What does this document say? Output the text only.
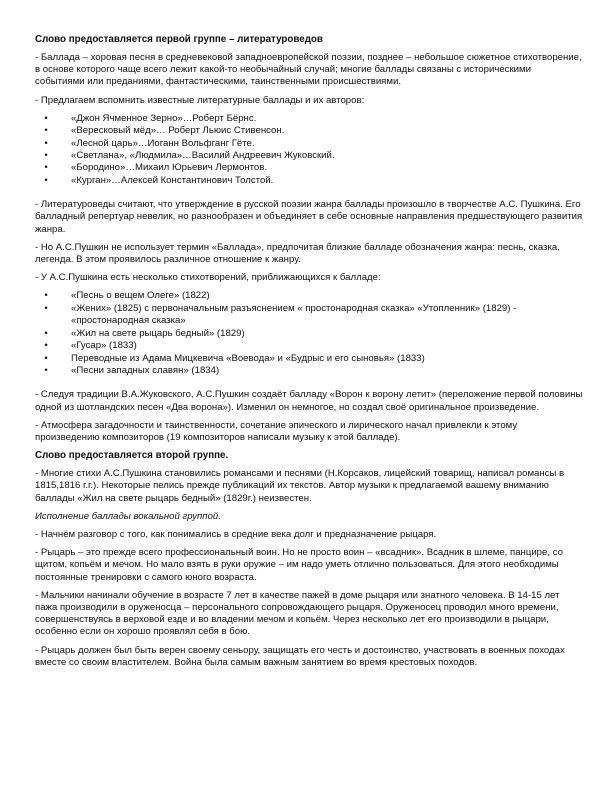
Слово предоставляется первой группе – литературоведов

- Баллада – хоровая песня в средневековой западноевропейской поэзии, позднее – небольшое сюжетное стихотворение, в основе которого чаще всего лежит какой-то необычайный случай; многие баллады связаны с историческими событиями или преданиями, фантастическими, таинственными происшествиями.

- Предлагаем вспомнить известные литературные баллады и их авторов:

•	«Джон Ячменное Зерно»…Роберт Бёрнс.
•	«Вересковый мёд»… Роберт Льюис Стивенсон.
•	«Лесной царь»…Иоганн Вольфганг Гёте.
•	«Светлана», «Людмила»…Василий Андреевич Жуковский.
•	«Бородино»…Михаил Юрьевич Лермонтов.
•	«Курган»…Алексей Константинович Толстой.

- Литературоведы считают, что утверждение в русской поэзии жанра баллады произошло в творчестве А.С. Пушкина. Его балладный репертуар невелик, но разнообразен и объединяет в себе основные направления предшествующего развития жанра.

- Но А.С.Пушкин не использует термин «Баллада», предпочитая близкие балладе обозначения жанра: песнь, сказка, легенда. В этом проявилось различное отношение к жанру.

- У А.С.Пушкина есть несколько стихотворений, приближающихся к балладе:

•	«Песнь о вещем Олеге» (1822)
•	«Жених» (1825) с первоначальным разъяснением « простонародная сказка» «Утопленник» (1829) - «простонародная сказка»
•	«Жил на свете рыцарь бедный» (1829)
•	«Гусар» (1833)
•	Переводные из Адама Мицкевича «Воевода» и «Будрыс и его сыновья» (1833)
•	«Песни западных славян» (1834)

- Следуя традиции В.А.Жуковского, А.С.Пушкин создаёт балладу «Ворон к ворону летит» (переложение первой половины одной из шотландских песен «Два ворона»). Изменил он немногое, но создал своё оригинальное произведение.

- Атмосфера загадочности и таинственности, сочетание эпического и лирического начал привлекли к этому произведению композиторов (19 композиторов написали музыку к этой балладе).

Слово предоставляется второй группе.

- Многие стихи А.С.Пушкина становились романсами и песнями (Н.Корсаков, лицейский товарищ, написал романсы в 1815,1816 г.г.). Некоторые пелись прежде публикаций их текстов. Автор музыки к предлагаемой вашему вниманию баллады «Жил на свете рыцарь бедный» (1829г.) неизвестен.

Исполнение баллады вокальной группой.

- Начнём разговор с того, как понимались в средние века долг и предназначение рыцаря.

- Рыцарь – это прежде всего профессиональный воин. Но не просто воин – «всадник». Всадник в шлеме, панцире, со щитом, копьём и мечом. Но мало взять в руки оружие – им надо уметь отлично пользоваться. Для этого необходимы постоянные тренировки с самого юного возраста.

- Мальчики начинали обучение в возрасте 7 лет в качестве пажей в доме рыцаря или знатного человека. В 14-15 лет пажа производили в оруженосца – персонального сопровождающего рыцаря. Оруженосец проводил много времени, совершенствуясь в верховой езде и во владении мечом и копьём. Через несколько лет его производили в рыцари, особенно если он хорошо проявлял себя в бою.

- Рыцарь должен был быть верен своему сеньору, защищать его честь и достоинство, участвовать в военных походах вместе со своим властителем. Война была самым важным занятием во время крестовых походов.
